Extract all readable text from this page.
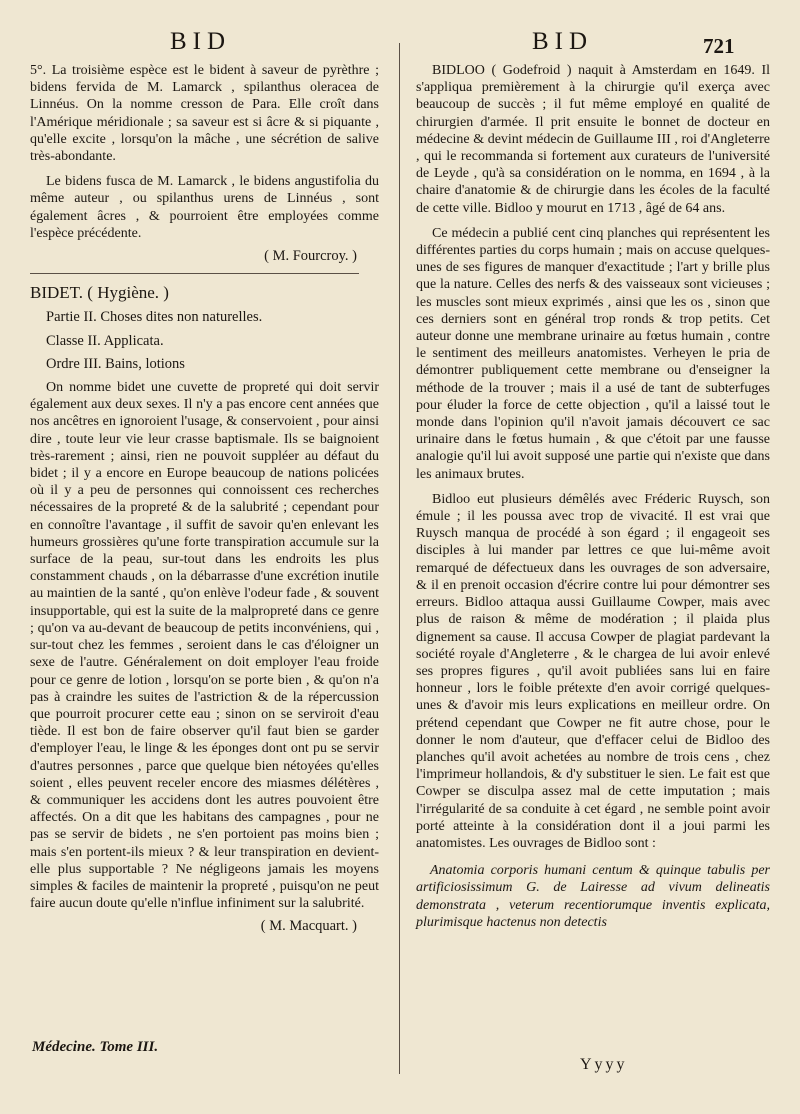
BID	BID	721

5°. La troisième espèce est le bident à saveur de pyrèthre ; bidens fervida de M. Lamarck , spilanthus oleracea de Linnéus. On la nomme cresson de Para. Elle croît dans l'Amérique méridionale ; sa saveur est si âcre & si piquante , qu'elle excite , lorsqu'on la mâche , une sécrétion de salive très-abondante.

Le bidens fusca de M. Lamarck , le bidens angustifolia du même auteur , ou spilanthus urens de Linnéus , sont également âcres , & pourroient être employées comme l'espèce précédente.

( M. Fourcroy. )

BIDET. ( Hygiène. )

Partie II. Choses dites non naturelles.

Classe II. Applicata.

Ordre III. Bains, lotions

On nomme bidet une cuvette de propreté qui doit servir également aux deux sexes. Il n'y a pas encore cent années que nos ancêtres en ignoroient l'usage, & conservoient , pour ainsi dire , toute leur vie leur crasse baptismale. Ils se baignoient très-rarement ; ainsi, rien ne pouvoit suppléer au défaut du bidet ; il y a encore en Europe beaucoup de nations policées où il y a peu de personnes qui connoissent ces recherches nécessaires de la propreté & de la salubrité ; cependant pour en connoître l'avantage , il suffit de savoir qu'en enlevant les humeurs grossières qu'une forte transpiration accumule sur la surface de la peau, sur-tout dans les endroits les plus constamment chauds , on la débarrasse d'une excrétion inutile au maintien de la santé , qu'on enlève l'odeur fade , & souvent insupportable, qui est la suite de la malpropreté dans ce genre ; qu'on va au-devant de beaucoup de petits inconvéniens, qui , sur-tout chez les femmes , seroient dans le cas d'éloigner un sexe de l'autre. Généralement on doit employer l'eau froide pour ce genre de lotion , lorsqu'on se porte bien , & qu'on n'a pas à craindre les suites de l'astriction & de la répercussion que pourroit procurer cette eau ; sinon on se serviroit d'eau tiède. Il est bon de faire observer qu'il faut bien se garder d'employer l'eau, le linge & les éponges dont ont pu se servir d'autres personnes , parce que quelque bien nétoyées qu'elles soient , elles peuvent receler encore des miasmes délétères , & communiquer les accidens dont les autres pouvoient être affectés. On a dit que les habitans des campagnes , pour ne pas se servir de bidets , ne s'en portoient pas moins bien ; mais s'en portent-ils mieux ? & leur transpiration en devient-elle plus supportable ? Ne négligeons jamais les moyens simples & faciles de maintenir la propreté , puisqu'on ne peut faire aucun doute qu'elle n'influe infiniment sur la salubrité.

( M. Macquart. )

BIDLOO ( Godefroid ) naquit à Amsterdam en 1649. Il s'appliqua premièrement à la chirurgie qu'il exerça avec beaucoup de succès ; il fut même employé en qualité de chirurgien d'armée. Il prit ensuite le bonnet de docteur en médecine & devint médecin de Guillaume III , roi d'Angleterre , qui le recommanda si fortement aux curateurs de l'université de Leyde , qu'à sa considération on le nomma, en 1694 , à la chaire d'anatomie & de chirurgie dans les écoles de la faculté de cette ville. Bidloo y mourut en 1713 , âgé de 64 ans.

Ce médecin a publié cent cinq planches qui représentent les différentes parties du corps humain ; mais on accuse quelques-unes de ses figures de manquer d'exactitude ; l'art y brille plus que la nature. Celles des nerfs & des vaisseaux sont vicieuses ; les muscles sont mieux exprimés , ainsi que les os , sinon que ces derniers sont en général trop ronds & trop petits. Cet auteur donne une membrane urinaire au fœtus humain , contre le sentiment des meilleurs anatomistes. Verheyen le pria de démontrer publiquement cette membrane ou d'enseigner la méthode de la trouver ; mais il a usé de tant de subterfuges pour éluder la force de cette objection , qu'il a laissé tout le monde dans l'opinion qu'il n'avoit jamais découvert ce sac urinaire dans le fœtus humain , & que c'étoit par une fausse analogie qu'il lui avoit supposé une partie qui n'existe que dans les animaux brutes.

Bidloo eut plusieurs démêlés avec Fréderic Ruysch, son émule ; il les poussa avec trop de vivacité. Il est vrai que Ruysch manqua de procédé à son égard ; il engageoit ses disciples à lui mander par lettres ce que lui-même avoit remarqué de défectueux dans les ouvrages de son adversaire, & il en prenoit occasion d'écrire contre lui pour démontrer ses erreurs. Bidloo attaqua aussi Guillaume Cowper, mais avec plus de raison & même de modération ; il plaida plus dignement sa cause. Il accusa Cowper de plagiat pardevant la société royale d'Angleterre , & le chargea de lui avoir enlevé ses propres figures , qu'il avoit publiées sans lui en faire honneur , lors le foible prétexte d'en avoir corrigé quelques-unes & d'avoir mis leurs explications en meilleur ordre. On prétend cependant que Cowper ne fit autre chose, pour le donner le nom d'auteur, que d'effacer celui de Bidloo des planches qu'il avoit achetées au nombre de trois cens , chez l'imprimeur hollandois, & d'y substituer le sien. Le fait est que Cowper se disculpa assez mal de cette imputation ; mais l'irrégularité de sa conduite à cet égard , ne semble point avoir porté atteinte à la considération dont il a joui parmi les anatomistes. Les ouvrages de Bidloo sont :

Anatomia corporis humani centum & quinque tabulis per artificiosissimum G. de Lairesse ad vivum delineatis demonstrata , veterum recentiorumque inventis explicata, plurimisque hactenus non detectis

Médecine. Tome III.
Yyyy
